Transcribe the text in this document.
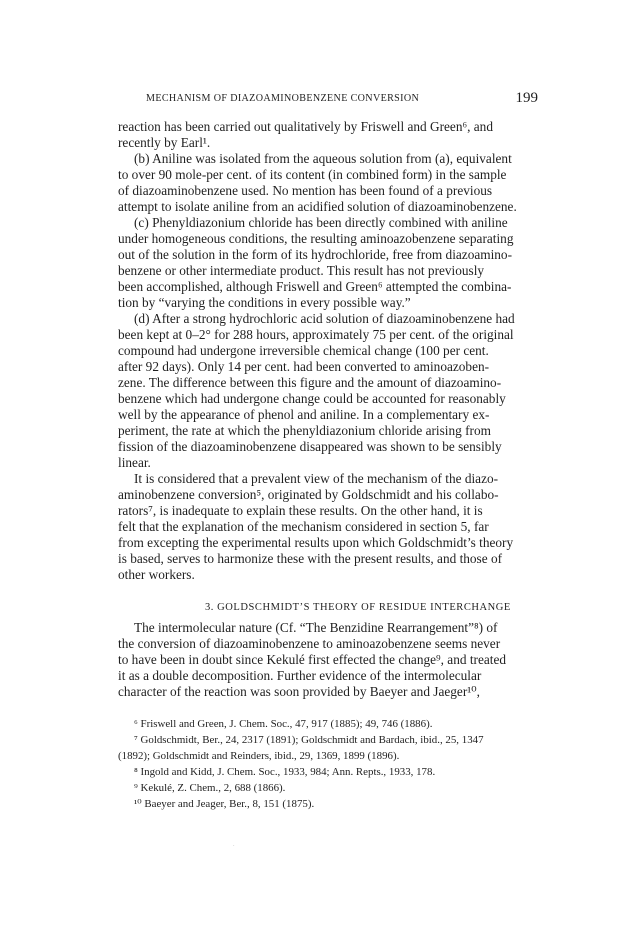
MECHANISM OF DIAZOAMINOBENZENE CONVERSION	199
reaction has been carried out qualitatively by Friswell and Green⁶, and
recently by Earl¹.
(b) Aniline was isolated from the aqueous solution from (a), equivalent
to over 90 mole-per cent. of its content (in combined form) in the sample
of diazoaminobenzene used. No mention has been found of a previous
attempt to isolate aniline from an acidified solution of diazoaminobenzene.
(c) Phenyldiazonium chloride has been directly combined with aniline
under homogeneous conditions, the resulting aminoazobenzene separating
out of the solution in the form of its hydrochloride, free from diazoamino-
benzene or other intermediate product. This result has not previously
been accomplished, although Friswell and Green⁶ attempted the combina-
tion by “varying the conditions in every possible way.”
(d) After a strong hydrochloric acid solution of diazoaminobenzene had
been kept at 0–2° for 288 hours, approximately 75 per cent. of the original
compound had undergone irreversible chemical change (100 per cent.
after 92 days). Only 14 per cent. had been converted to aminoazoben-
zene. The difference between this figure and the amount of diazoamino-
benzene which had undergone change could be accounted for reasonably
well by the appearance of phenol and aniline. In a complementary ex-
periment, the rate at which the phenyldiazonium chloride arising from
fission of the diazoaminobenzene disappeared was shown to be sensibly
linear.
It is considered that a prevalent view of the mechanism of the diazo-
aminobenzene conversion⁵, originated by Goldschmidt and his collabo-
rators⁷, is inadequate to explain these results. On the other hand, it is
felt that the explanation of the mechanism considered in section 5, far
from excepting the experimental results upon which Goldschmidt’s theory
is based, serves to harmonize these with the present results, and those of
other workers.
3. GOLDSCHMIDT’S THEORY OF RESIDUE INTERCHANGE
The intermolecular nature (Cf. “The Benzidine Rearrangement”⁸) of
the conversion of diazoaminobenzene to aminoazobenzene seems never
to have been in doubt since Kekulé first effected the change⁹, and treated
it as a double decomposition. Further evidence of the intermolecular
character of the reaction was soon provided by Baeyer and Jaeger¹⁰,
⁶ Friswell and Green, J. Chem. Soc., 47, 917 (1885); 49, 746 (1886).
⁷ Goldschmidt, Ber., 24, 2317 (1891); Goldschmidt and Bardach, ibid., 25, 1347
(1892); Goldschmidt and Reinders, ibid., 29, 1369, 1899 (1896).
⁸ Ingold and Kidd, J. Chem. Soc., 1933, 984; Ann. Repts., 1933, 178.
⁹ Kekulé, Z. Chem., 2, 688 (1866).
¹⁰ Baeyer and Jeager, Ber., 8, 151 (1875).
·
